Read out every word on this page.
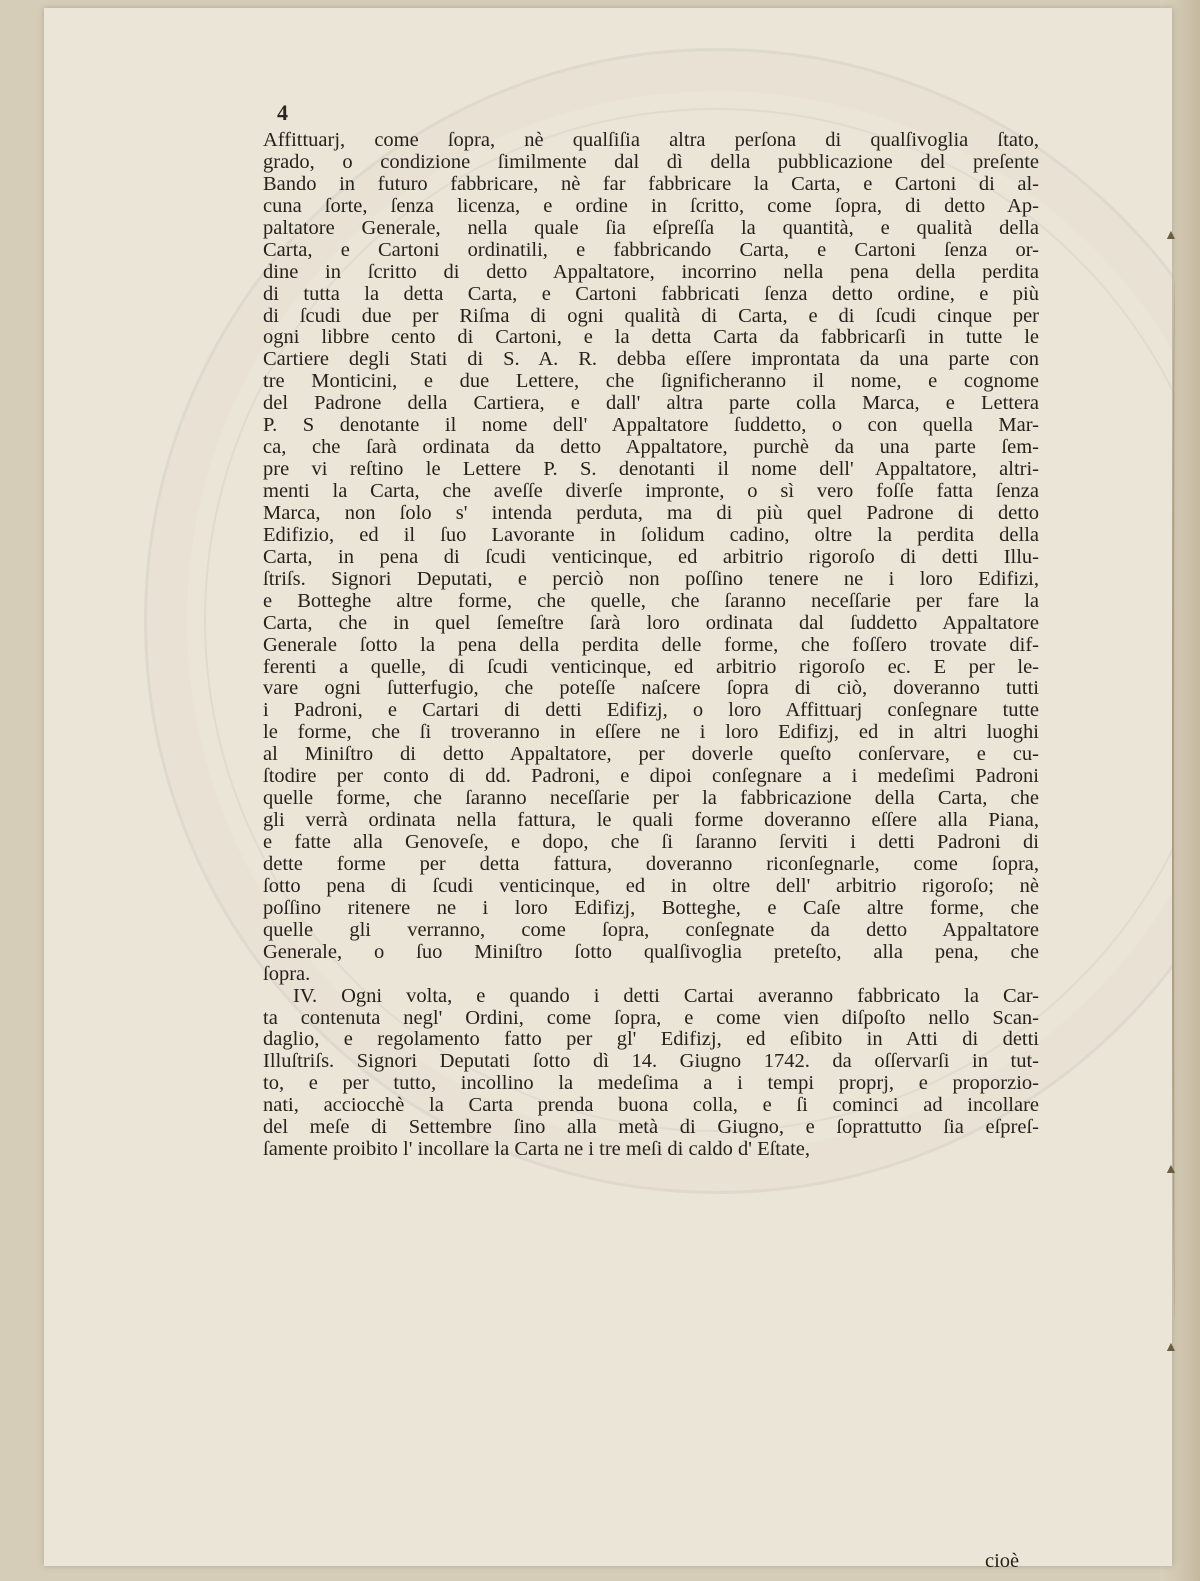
4
Affittuarj, come ſopra, nè qualſiſia altra perſona di qualſivoglia ſtato,
grado, o condizione ſimilmente dal dì della pubblicazione del preſente
Bando in futuro fabbricare, nè far fabbricare la Carta, e Cartoni di al-
cuna ſorte, ſenza licenza, e ordine in ſcritto, come ſopra, di detto Ap-
paltatore Generale, nella quale ſia eſpreſſa la quantità, e qualità della
Carta, e Cartoni ordinatili, e fabbricando Carta, e Cartoni ſenza or-
dine in ſcritto di detto Appaltatore, incorrino nella pena della perdita
di tutta la detta Carta, e Cartoni fabbricati ſenza detto ordine, e più
di ſcudi due per Riſma di ogni qualità di Carta, e di ſcudi cinque per
ogni libbre cento di Cartoni, e la detta Carta da fabbricarſi in tutte le
Cartiere degli Stati di S. A. R. debba eſſere improntata da una parte con
tre Monticini, e due Lettere, che ſignificheranno il nome, e cognome
del Padrone della Cartiera, e dall' altra parte colla Marca, e Lettera
P. S denotante il nome dell' Appaltatore ſuddetto, o con quella Mar-
ca, che ſarà ordinata da detto Appaltatore, purchè da una parte ſem-
pre vi reſtino le Lettere P. S. denotanti il nome dell' Appaltatore, altri-
menti la Carta, che aveſſe diverſe impronte, o sì vero foſſe fatta ſenza
Marca, non ſolo s' intenda perduta, ma di più quel Padrone di detto
Edifizio, ed il ſuo Lavorante in ſolidum cadino, oltre la perdita della
Carta, in pena di ſcudi venticinque, ed arbitrio rigoroſo di detti Illu-
ſtriſs. Signori Deputati, e perciò non poſſino tenere ne i loro Edifizi,
e Botteghe altre forme, che quelle, che ſaranno neceſſarie per fare la
Carta, che in quel ſemeſtre ſarà loro ordinata dal ſuddetto Appaltatore
Generale ſotto la pena della perdita delle forme, che foſſero trovate dif-
ferenti a quelle, di ſcudi venticinque, ed arbitrio rigoroſo ec. E per le-
vare ogni ſutterfugio, che poteſſe naſcere ſopra di ciò, doveranno tutti
i Padroni, e Cartari di detti Edifizj, o loro Affittuarj conſegnare tutte
le forme, che ſi troveranno in eſſere ne i loro Edifizj, ed in altri luoghi
al Miniſtro di detto Appaltatore, per doverle queſto conſervare, e cu-
ſtodire per conto di dd. Padroni, e dipoi conſegnare a i medeſimi Padroni
quelle forme, che ſaranno neceſſarie per la fabbricazione della Carta, che
gli verrà ordinata nella fattura, le quali forme doveranno eſſere alla Piana,
e fatte alla Genoveſe, e dopo, che ſi ſaranno ſerviti i detti Padroni di
dette forme per detta fattura, doveranno riconſegnarle, come ſopra,
ſotto pena di ſcudi venticinque, ed in oltre dell' arbitrio rigoroſo; nè
poſſino ritenere ne i loro Edifizj, Botteghe, e Caſe altre forme, che
quelle gli verranno, come ſopra, conſegnate da detto Appaltatore
Generale, o ſuo Miniſtro ſotto qualſivoglia preteſto, alla pena, che
ſopra.
IV. Ogni volta, e quando i detti Cartai averanno fabbricato la Car-
ta contenuta negl' Ordini, come ſopra, e come vien diſpoſto nello Scan-
daglio, e regolamento fatto per gl' Edifizj, ed eſibito in Atti di detti
Illuſtriſs. Signori Deputati ſotto dì 14. Giugno 1742. da oſſervarſi in tut-
to, e per tutto, incollino la medeſima a i tempi proprj, e proporzio-
nati, acciocchè la Carta prenda buona colla, e ſi cominci ad incollare
del meſe di Settembre ſino alla metà di Giugno, e ſoprattutto ſia eſpreſ-
ſamente proibito l' incollare la Carta ne i tre meſi di caldo d' Eſtate,
cioè
▲
▲
▲
